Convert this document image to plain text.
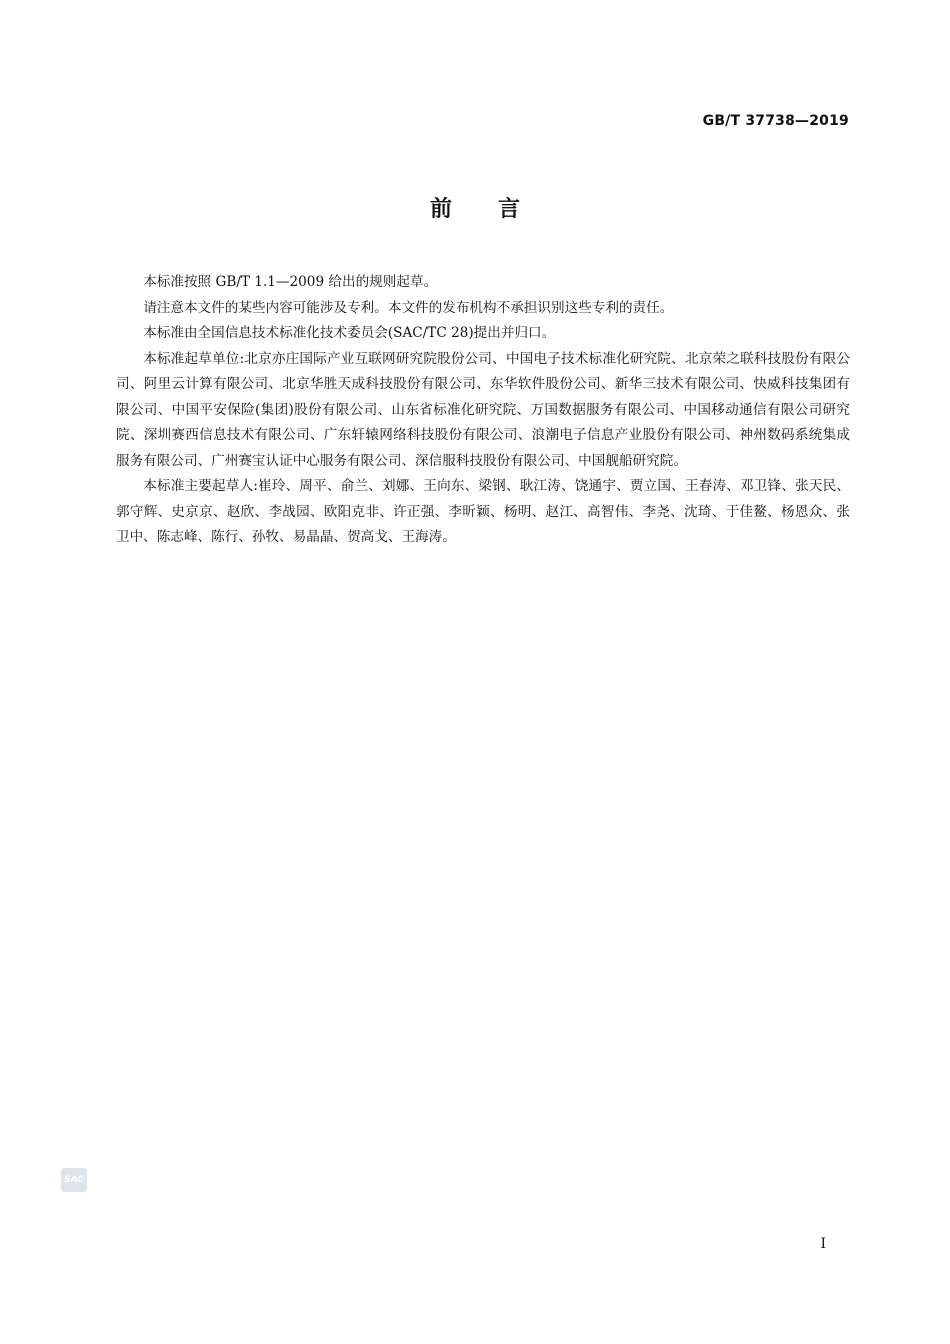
GB/T 37738—2019
前 言

本标准按照 GB/T 1.1—2009 给出的规则起草。

请注意本文件的某些内容可能涉及专利。本文件的发布机构不承担识别这些专利的责任。

本标准由全国信息技术标准化技术委员会(SAC/TC 28)提出并归口。

本标准起草单位:北京亦庄国际产业互联网研究院股份公司、中国电子技术标准化研究院、北京荣之联科技股份有限公司、阿里云计算有限公司、北京华胜天成科技股份有限公司、东华软件股份公司、新华三技术有限公司、快威科技集团有限公司、中国平安保险(集团)股份有限公司、山东省标准化研究院、万国数据服务有限公司、中国移动通信有限公司研究院、深圳赛西信息技术有限公司、广东轩辕网络科技股份有限公司、浪潮电子信息产业股份有限公司、神州数码系统集成服务有限公司、广州赛宝认证中心服务有限公司、深信服科技股份有限公司、中国舰船研究院。

本标准主要起草人:崔玲、周平、俞兰、刘娜、王向东、梁钢、耿江涛、饶通宇、贾立国、王春涛、邓卫锋、张天民、郭守辉、史京京、赵欣、李战园、欧阳克非、许正强、李昕颖、杨明、赵江、高智伟、李尧、沈琦、于佳鳌、杨恩众、张卫中、陈志峰、陈行、孙牧、易晶晶、贺高戈、王海涛。

SAC
I
